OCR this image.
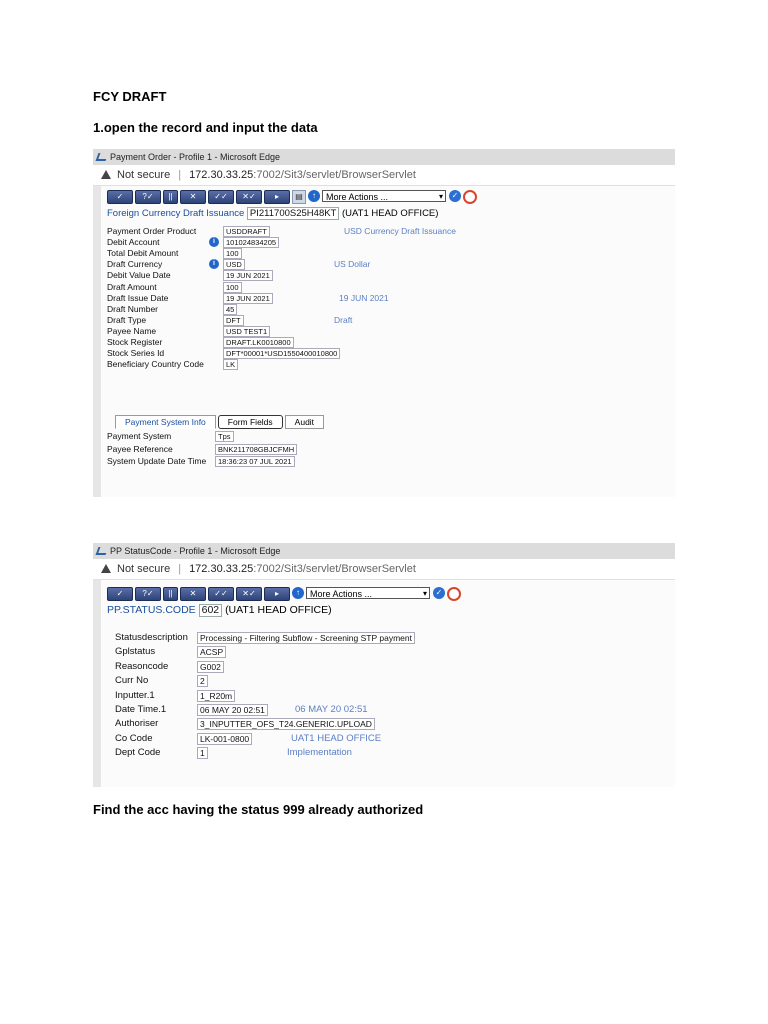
FCY DRAFT
1.open the record and input the data
Payment Order - Profile 1 - Microsoft Edge
Not secure | 172.30.33.25:7002/Sit3/servlet/BrowserServlet
✓ ?✓ || ✕ ✓✓ ✕✓ ▸ ▤ ↑ More Actions ...	▾ ✓
Foreign Currency Draft Issuance PI211700S25H48KT (UAT1 HEAD OFFICE)
Payment Order Product	USDDRAFT	USD Currency Draft Issuance
Debit Account	101024834205
i
Total Debit Amount	100
Draft Currency	USD	US Dollar
i
Debit Value Date	19 JUN 2021
Draft Amount	100
Draft Issue Date	19 JUN 2021	19 JUN 2021
Draft Number	45
Draft Type	DFT	Draft
Payee Name	USD TEST1
Stock Register	DRAFT.LK0010800
Stock Series Id	DFT*00001*USD1550400010800
Beneficiary Country Code	LK
Payment System Info	Form Fields	Audit
Payment System	Tps
Payee Reference	BNK211708GBJCFMH
System Update Date Time	18:36:23 07 JUL 2021
PP StatusCode - Profile 1 - Microsoft Edge
Not secure | 172.30.33.25:7002/Sit3/servlet/BrowserServlet
✓ ?✓ || ✕ ✓✓ ✕✓ ▸ ↑ More Actions ...	▾ ✓
PP.STATUS.CODE 602 (UAT1 HEAD OFFICE)
Statusdescription	Processing - Filtering Subflow - Screening STP payment
Gplstatus	ACSP
Reasoncode	G002
Curr No	2
Inputter.1	1_R20m
Date Time.1	06 MAY 20 02:51	06 MAY 20 02:51
Authoriser	3_INPUTTER_OFS_T24.GENERIC.UPLOAD
Co Code	LK-001-0800	UAT1 HEAD OFFICE
Dept Code	1	Implementation
Find the acc having the status 999 already authorized
